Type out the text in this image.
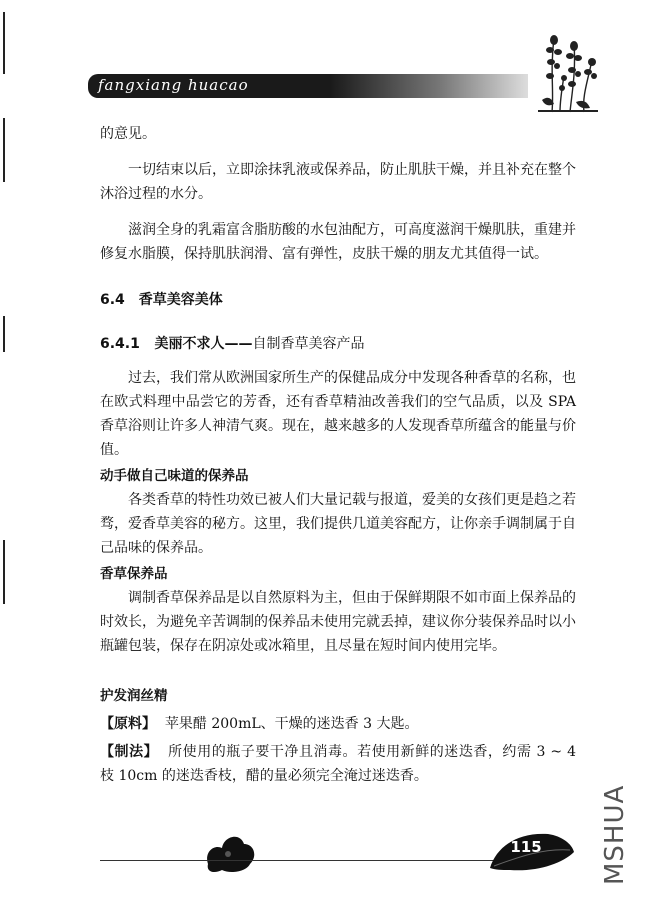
fangxiang huacao

的意见。

一切结束以后，立即涂抹乳液或保养品，防止肌肤干燥，并且补充在整个沐浴过程的水分。

滋润全身的乳霜富含脂肪酸的水包油配方，可高度滋润干燥肌肤，重建并修复水脂膜，保持肌肤润滑、富有弹性，皮肤干燥的朋友尤其值得一试。

6.4　香草美容美体

6.4.1 美丽不求人——自制香草美容产品

过去，我们常从欧洲国家所生产的保健品成分中发现各种香草的名称，也在欧式料理中品尝它的芳香，还有香草精油改善我们的空气品质，以及 SPA 香草浴则让许多人神清气爽。现在，越来越多的人发现香草所蕴含的能量与价值。

动手做自己味道的保养品

各类香草的特性功效已被人们大量记载与报道，爱美的女孩们更是趋之若骛，爱香草美容的秘方。这里，我们提供几道美容配方，让你亲手调制属于自己品味的保养品。

香草保养品

调制香草保养品是以自然原料为主，但由于保鲜期限不如市面上保养品的时效长，为避免辛苦调制的保养品未使用完就丢掉，建议你分装保养品时以小瓶罐包装，保存在阴凉处或冰箱里，且尽量在短时间内使用完毕。

护发润丝精

【原料】 苹果醋 200mL、干燥的迷迭香 3 大匙。

【制法】 所使用的瓶子要干净且消毒。若使用新鲜的迷迭香，约需 3 ~ 4 枝 10cm 的迷迭香枝，醋的量必须完全淹过迷迭香。

115 MSHUA
